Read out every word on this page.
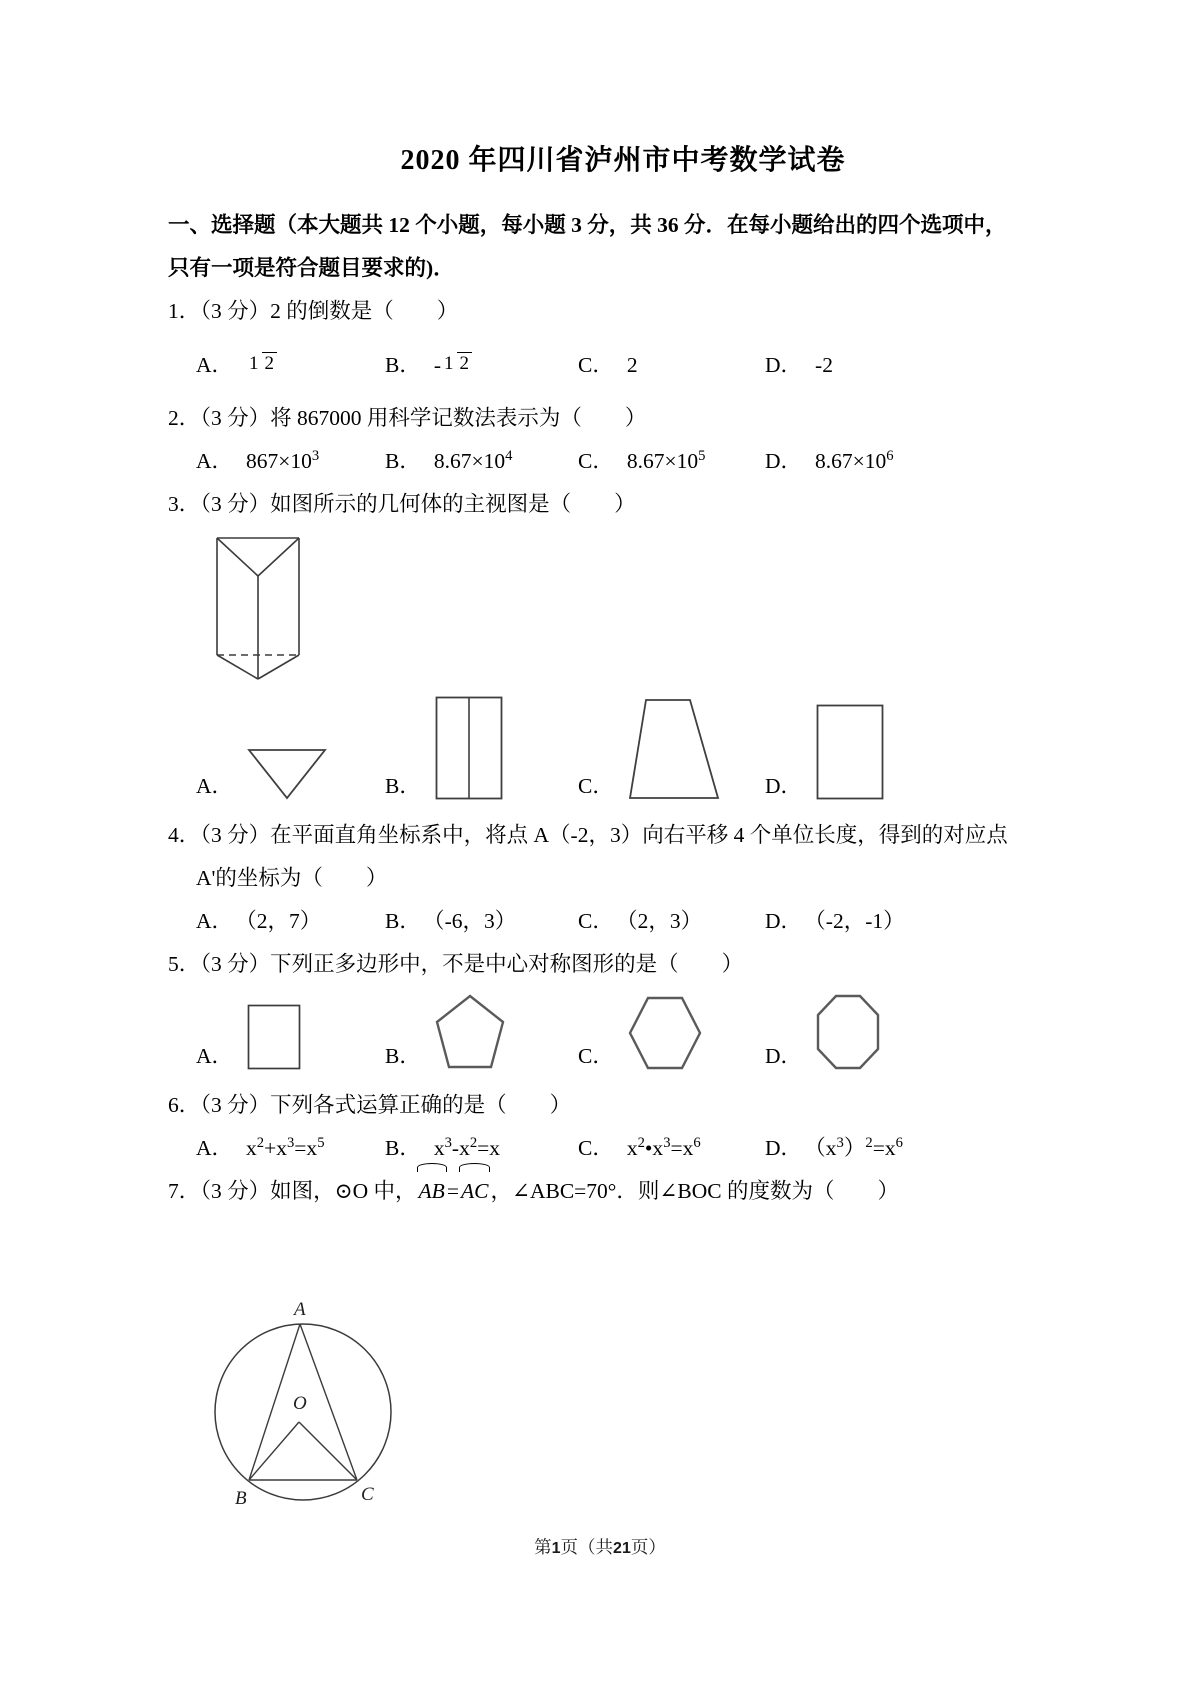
2020 年四川省泸州市中考数学试卷
一、选择题（本大题共 12 个小题，每小题 3 分，共 36 分．在每小题给出的四个选项中，
只有一项是符合题目要求的)．
1．（3 分）2 的倒数是（　　）
A． 1 2	B． - 1 2	C． 2	D． -2
2．（3 分）将 867000 用科学记数法表示为（　　）
A． $867\times 10^3$	B． $8.67\times 10^4$	C． $8.67\times 10^5$	D． $8.67\times 10^6$
3．（3 分）如图所示的几何体的主视图是（　　）
A．	B．	C．	D．
4．（3 分）在平面直角坐标系中，将点 A（-2，3）向右平移 4 个单位长度，得到的对应点
A'的坐标为（　　）
A． （2，7）	B． （-6，3）	C． （2，3）	D． （-2，-1）
5．（3 分）下列正多边形中，不是中心对称图形的是（　　）
A．	B．	C．	D．
6．（3 分）下列各式运算正确的是（　　）
A． $x^2+x^3=x^5$	B． $x^3-x^2=x$	C． $x^2•x^3=x^6$	D． $(x^3)^2=x^6$
7．（3 分）如图，⊙O 中，AB=AC，∠ABC=70°．则∠BOC 的度数为（　　）
A
O
B	C
第1页（共21页）
